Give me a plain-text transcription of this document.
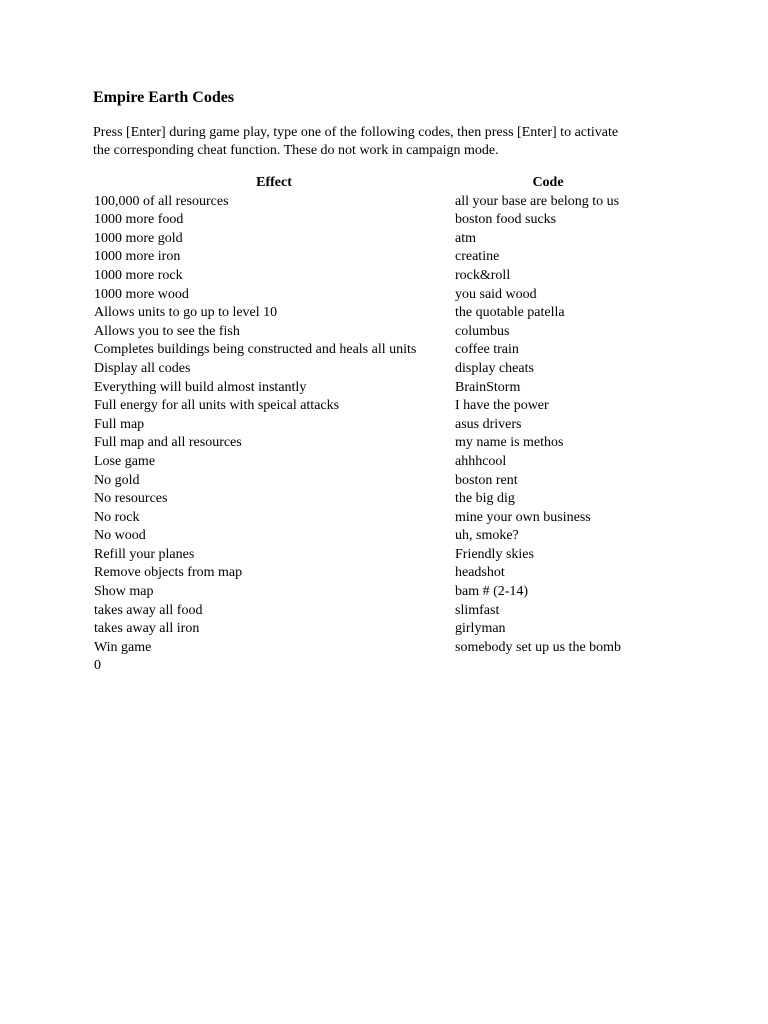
Empire Earth Codes
Press [Enter] during game play, type one of the following codes, then press [Enter] to activate
the corresponding cheat function. These do not work in campaign mode.
Effect	Code
100,000 of all resources	all your base are belong to us
1000 more food	boston food sucks
1000 more gold	atm
1000 more iron	creatine
1000 more rock	rock&roll
1000 more wood	you said wood
Allows units to go up to level 10	the quotable patella
Allows you to see the fish	columbus
Completes buildings being constructed and heals all units	coffee train
Display all codes	display cheats
Everything will build almost instantly	BrainStorm
Full energy for all units with speical attacks	I have the power
Full map	asus drivers
Full map and all resources	my name is methos
Lose game	ahhhcool
No gold	boston rent
No resources	the big dig
No rock	mine your own business
No wood	uh, smoke?
Refill your planes	Friendly skies
Remove objects from map	headshot
Show map	bam # (2-14)
takes away all food	slimfast
takes away all iron	girlyman
Win game	somebody set up us the bomb
0
